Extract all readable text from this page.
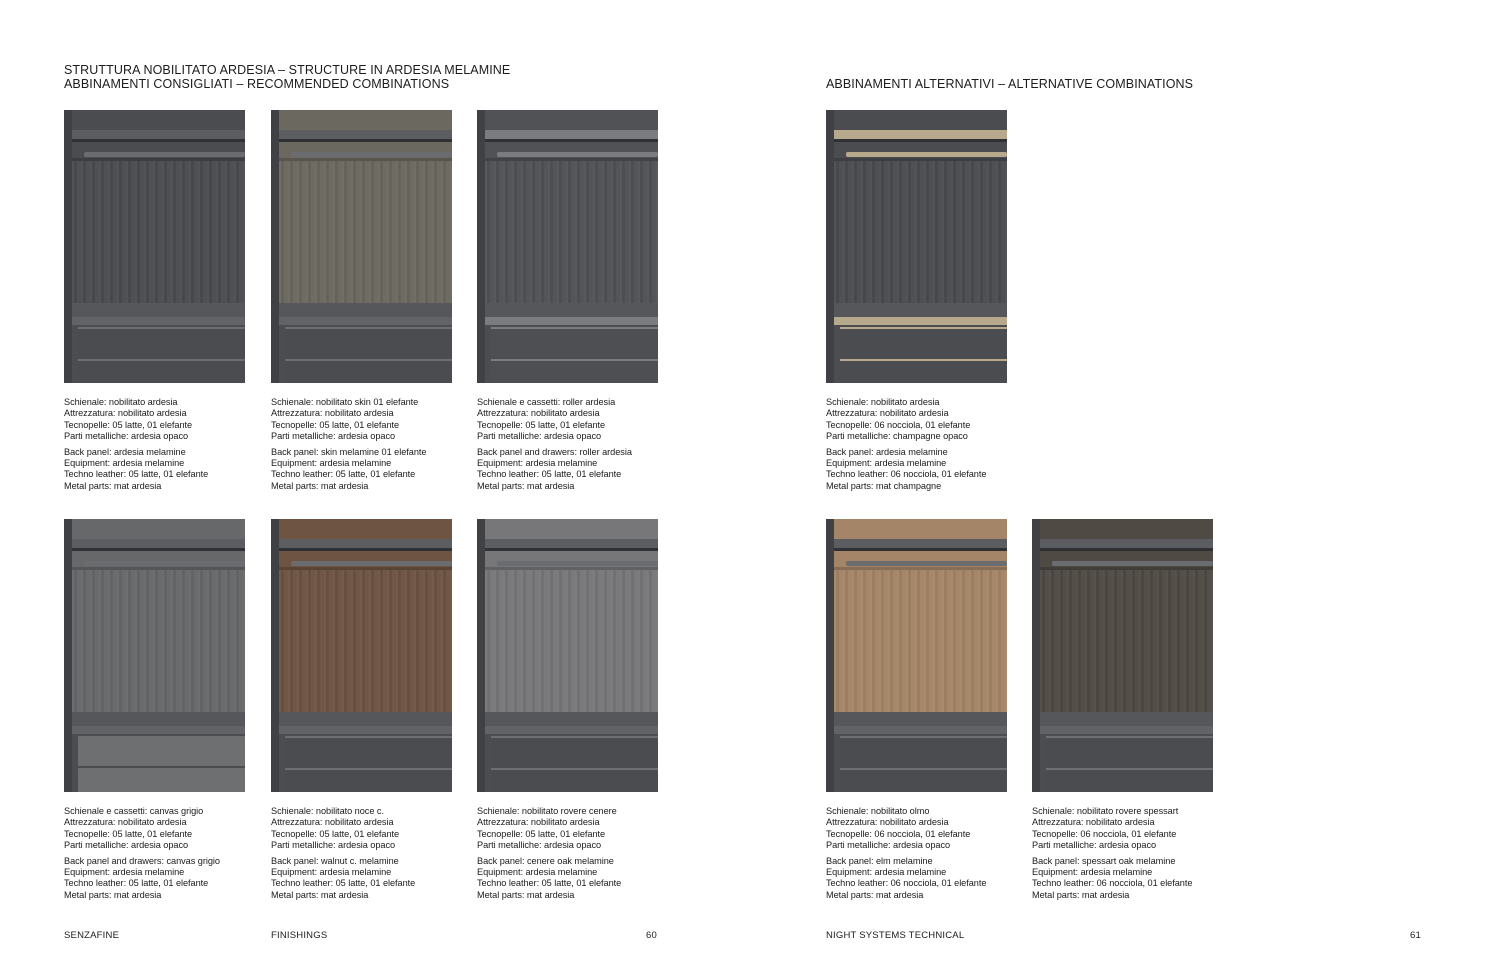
STRUTTURA NOBILITATO ARDESIA – STRUCTURE IN ARDESIA MELAMINE
ABBINAMENTI CONSIGLIATI – RECOMMENDED COMBINATIONS	ABBINAMENTI ALTERNATIVI – ALTERNATIVE COMBINATIONS

Schienale: nobilitato ardesia

Attrezzatura: nobilitato ardesia

Tecnopelle: 05 latte, 01 elefante

Parti metalliche: ardesia opaco

Back panel: ardesia melamine

Equipment: ardesia melamine

Techno leather: 05 latte, 01 elefante

Metal parts: mat ardesia

Schienale: nobilitato skin 01 elefante

Attrezzatura: nobilitato ardesia

Tecnopelle: 05 latte, 01 elefante

Parti metalliche: ardesia opaco

Back panel: skin melamine 01 elefante

Equipment: ardesia melamine

Techno leather: 05 latte, 01 elefante

Metal parts: mat ardesia

Schienale e cassetti: roller ardesia

Attrezzatura: nobilitato ardesia

Tecnopelle: 05 latte, 01 elefante

Parti metalliche: ardesia opaco

Back panel and drawers: roller ardesia

Equipment: ardesia melamine

Techno leather: 05 latte, 01 elefante

Metal parts: mat ardesia

Schienale e cassetti: canvas grigio

Attrezzatura: nobilitato ardesia

Tecnopelle: 05 latte, 01 elefante

Parti metalliche: ardesia opaco

Back panel and drawers: canvas grigio

Equipment: ardesia melamine

Techno leather: 05 latte, 01 elefante

Metal parts: mat ardesia

Schienale: nobilitato noce c.

Attrezzatura: nobilitato ardesia

Tecnopelle: 05 latte, 01 elefante

Parti metalliche: ardesia opaco

Back panel: walnut c. melamine

Equipment: ardesia melamine

Techno leather: 05 latte, 01 elefante

Metal parts: mat ardesia

Schienale: nobilitato rovere cenere

Attrezzatura: nobilitato ardesia

Tecnopelle: 05 latte, 01 elefante

Parti metalliche: ardesia opaco

Back panel: cenere oak melamine

Equipment: ardesia melamine

Techno leather: 05 latte, 01 elefante

Metal parts: mat ardesia

Schienale: nobilitato ardesia

Attrezzatura: nobilitato ardesia

Tecnopelle: 06 nocciola, 01 elefante

Parti metalliche: champagne opaco

Back panel: ardesia melamine

Equipment: ardesia melamine

Techno leather: 06 nocciola, 01 elefante

Metal parts: mat champagne

Schienale: nobilitato olmo

Attrezzatura: nobilitato ardesia

Tecnopelle: 06 nocciola, 01 elefante

Parti metalliche: ardesia opaco

Back panel: elm melamine

Equipment: ardesia melamine

Techno leather: 06 nocciola, 01 elefante

Metal parts: mat ardesia

Schienale: nobilitato rovere spessart

Attrezzatura: nobilitato ardesia

Tecnopelle: 06 nocciola, 01 elefante

Parti metalliche: ardesia opaco

Back panel: spessart oak melamine

Equipment: ardesia melamine

Techno leather: 06 nocciola, 01 elefante

Metal parts: mat ardesia

SENZAFINE	FINISHINGS	60	NIGHT SYSTEMS TECHNICAL	61
